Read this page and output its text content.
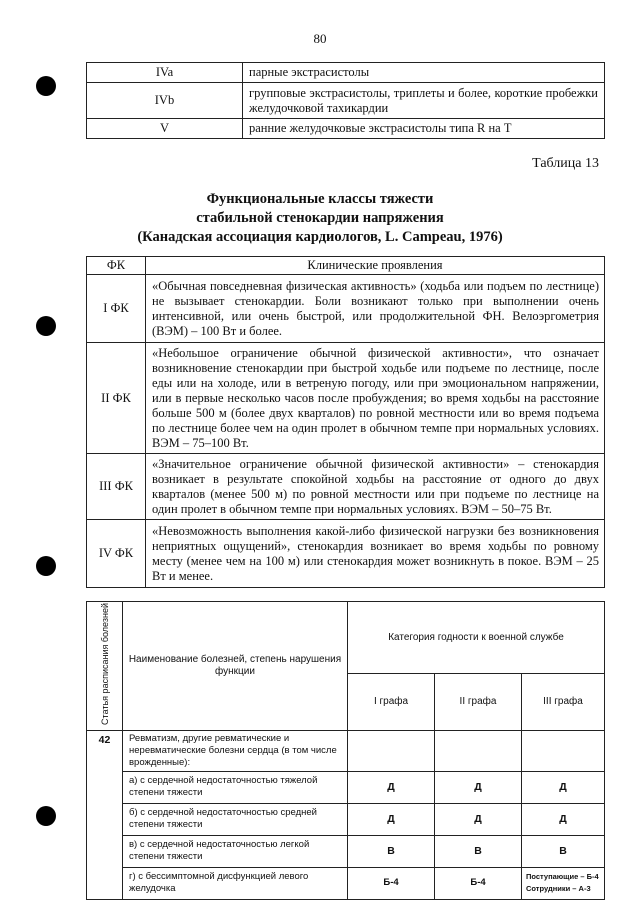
80
IVa	парные экстрасистолы
IVb	групповые экстрасистолы, триплеты и более, короткие пробежки желудочковой тахикардии
V	ранние желудочковые экстрасистолы типа R на T
Таблица 13
Функциональные классы тяжести
стабильной стенокардии напряжения
(Канадская ассоциация кардиологов, L. Campeau, 1976)
ФК	Клинические проявления
I ФК	«Обычная повседневная физическая активность» (ходьба или подъем по лестнице) не вызывает стенокардии. Боли возникают только при выполнении очень интенсивной, или очень быстрой, или продолжительной ФН. Велоэргометрия (ВЭМ) – 100 Вт и более.
II ФК	«Небольшое ограничение обычной физической активности», что означает возникновение стенокардии при быстрой ходьбе или подъеме по лестнице, после еды или на холоде, или в ветреную погоду, или при эмоциональном напряжении, или в первые несколько часов после пробуждения; во время ходьбы на расстояние больше 500 м (более двух кварталов) по ровной местности или во время подъема по лестнице более чем на один пролет в обычном темпе при нормальных условиях. ВЭМ – 75–100 Вт.
III ФК	«Значительное ограничение обычной физической активности» – стенокардия возникает в результате спокойной ходьбы на расстояние от одного до двух кварталов (менее 500 м) по ровной местности или при подъеме по лестнице на один пролет в обычном темпе при нормальных условиях. ВЭМ – 50–75 Вт.
IV ФК	«Невозможность выполнения какой-либо физической нагрузки без возникновения неприятных ощущений», стенокардия возникает во время ходьбы по ровному месту (менее чем на 100 м) или стенокардия может возникнуть в покое. ВЭМ – 25 Вт и менее.
Статья расписания болезней	Наименование болезней, степень нарушения функции	Категория годности к военной службе		
		I графа	II графа	III графа
42	Ревматизм, другие ревматические и неревматические болезни сердца (в том числе врожденные):			
	а) с сердечной недостаточностью тяжелой степени тяжести	Д	Д	Д
	б) с сердечной недостаточностью средней степени тяжести	Д	Д	Д
	в) с сердечной недостаточностью легкой степени тяжести	В	В	В
	г) с бессимптомной дисфункцией левого желудочка	Б-4	Б-4	Поступающие – Б-4
Сотрудники – А-3
